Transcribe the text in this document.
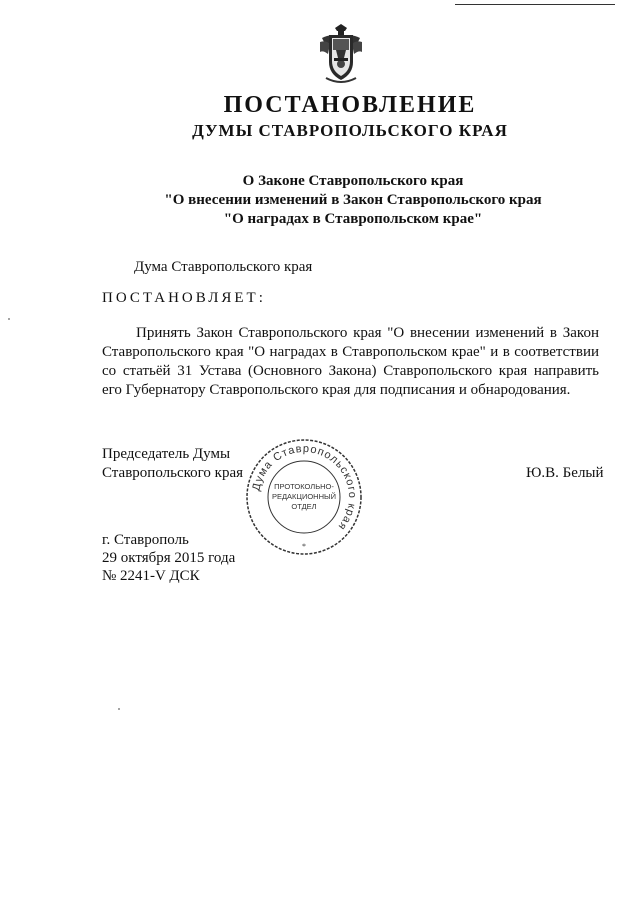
ПОСТАНОВЛЕНИЕ
ДУМЫ СТАВРОПОЛЬСКОГО КРАЯ
О Законе Ставропольского края
"О внесении изменений в Закон Ставропольского края
"О наградах в Ставропольском крае"
Дума Ставропольского края
ПОСТАНОВЛЯЕТ:

Принять Закон Ставропольского края "О внесении изменений в Закон Ставропольского края "О наградах в Ставропольском крае" и в соответствии со статьёй 31 Устава (Основного Закона) Ставропольского края направить его Губернатору Ставропольского края для подписания и обнародования.

Председатель Думы
Ставропольского края	Ю.В. Белый
Дума Ставропольского края
ПРОТОКОЛЬНО-
РЕДАКЦИОННЫЙ
ОТДЕЛ
*
г. Ставрополь
29 октября 2015 года
№ 2241-V ДСК
